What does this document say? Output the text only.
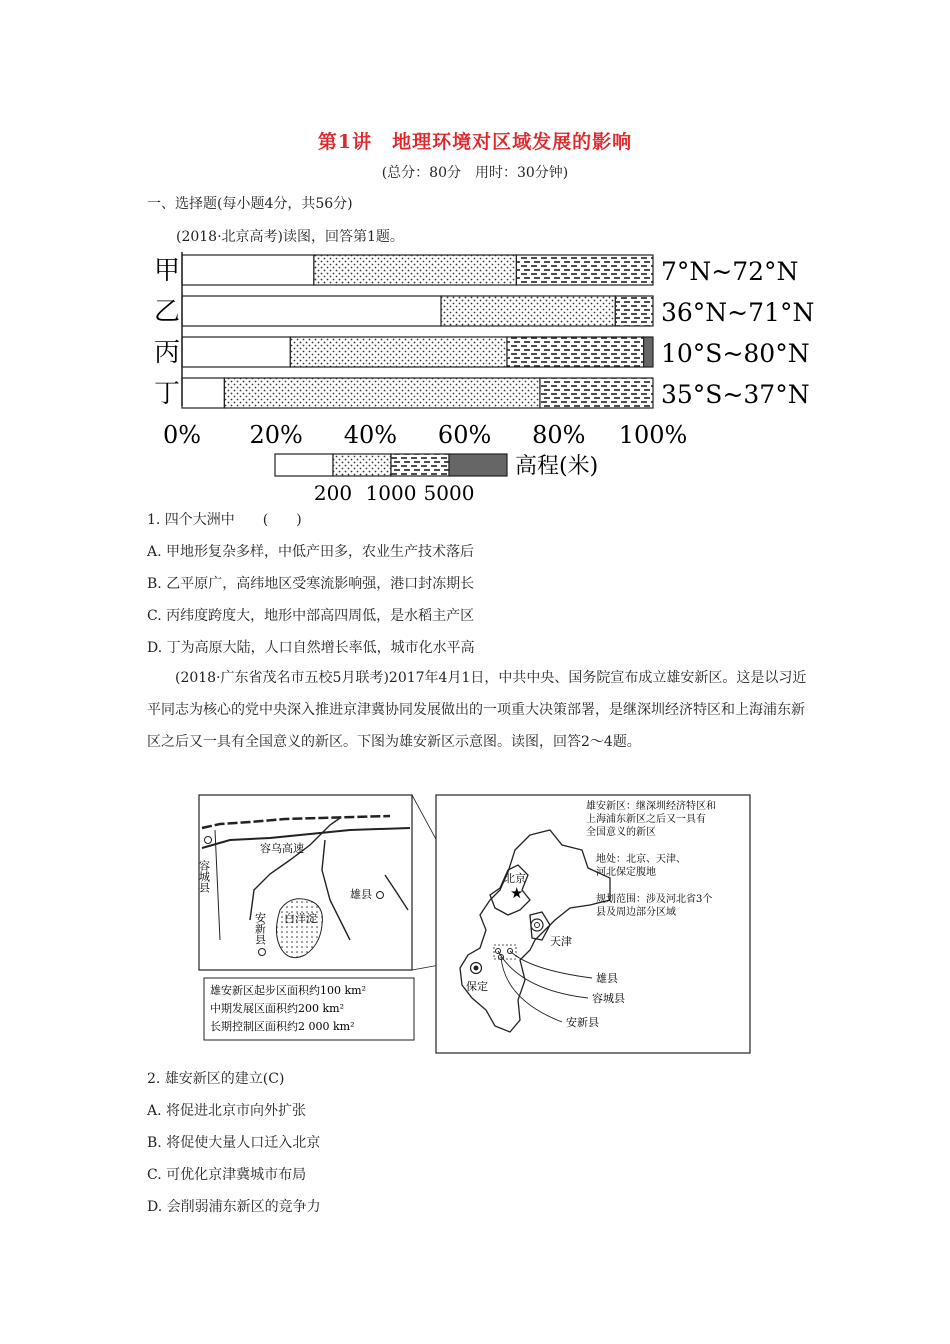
第1讲　地理环境对区域发展的影响
(总分：80分　用时：30分钟)
一、选择题(每小题4分，共56分)
(2018·北京高考)读图，回答第1题。
甲	7°N~72°N
乙	36°N~71°N
丙	10°S~80°N
丁	35°S~37°N
0% 20% 40% 60% 80% 100%
高程(米)
200 1000 5000
1. 四个大洲中　　(　　)
A. 甲地形复杂多样，中低产田多，农业生产技术落后
B. 乙平原广，高纬地区受寒流影响强，港口封冻期长
C. 丙纬度跨度大，地形中部高四周低，是水稻主产区
D. 丁为高原大陆，人口自然增长率低，城市化水平高
(2018·广东省茂名市五校5月联考)2017年4月1日，中共中央、国务院宣布成立雄安新区。这是以习近平同志为核心的党中央深入推进京津冀协同发展做出的一项重大决策部署，是继深圳经济特区和上海浦东新区之后又一具有全国意义的新区。下图为雄安新区示意图。读图，回答2～4题。
容乌高速
容城县
雄县
安新县 白洋淀
雄安新区起步区面积约100 km²
中期发展区面积约200 km²
长期控制区面积约2 000 km²
★
北京
天津
保定
雄县
容城县
安新县
雄安新区：继深圳经济特区和
上海浦东新区之后又一具有
全国意义的新区
地处：北京、天津、
河北保定腹地
规划范围：涉及河北省3个
县及周边部分区域
2. 雄安新区的建立(C)
A. 将促进北京市向外扩张
B. 将促使大量人口迁入北京
C. 可优化京津冀城市布局
D. 会削弱浦东新区的竞争力
